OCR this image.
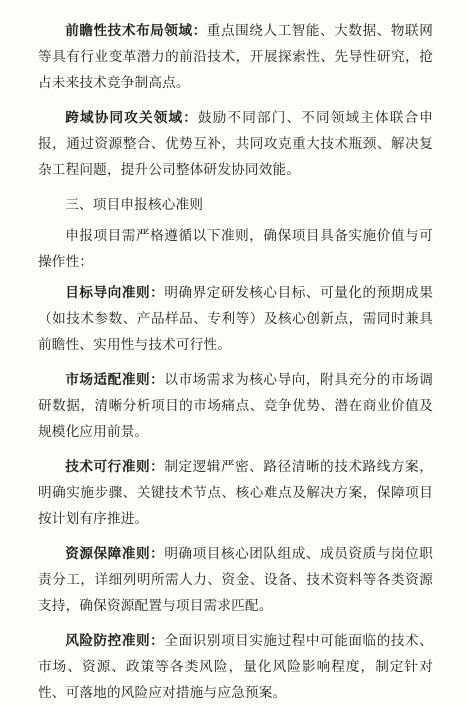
前瞻性技术布局领域：重点围绕人工智能、大数据、物联网等具有行业变革潜力的前沿技术，开展探索性、先导性研究，抢占未来技术竞争制高点。

跨域协同攻关领域：鼓励不同部门、不同领域主体联合申报，通过资源整合、优势互补，共同攻克重大技术瓶颈、解决复杂工程问题，提升公司整体研发协同效能。

三、项目申报核心准则

申报项目需严格遵循以下准则，确保项目具备实施价值与可操作性：

目标导向准则：明确界定研发核心目标、可量化的预期成果（如技术参数、产品样品、专利等）及核心创新点，需同时兼具前瞻性、实用性与技术可行性。

市场适配准则：以市场需求为核心导向，附具充分的市场调研数据，清晰分析项目的市场痛点、竞争优势、潜在商业价值及规模化应用前景。

技术可行准则：制定逻辑严密、路径清晰的技术路线方案，明确实施步骤、关键技术节点、核心难点及解决方案，保障项目按计划有序推进。

资源保障准则：明确项目核心团队组成、成员资质与岗位职责分工，详细列明所需人力、资金、设备、技术资料等各类资源支持，确保资源配置与项目需求匹配。

风险防控准则：全面识别项目实施过程中可能面临的技术、市场、资源、政策等各类风险，量化风险影响程度，制定针对性、可落地的风险应对措施与应急预案。
